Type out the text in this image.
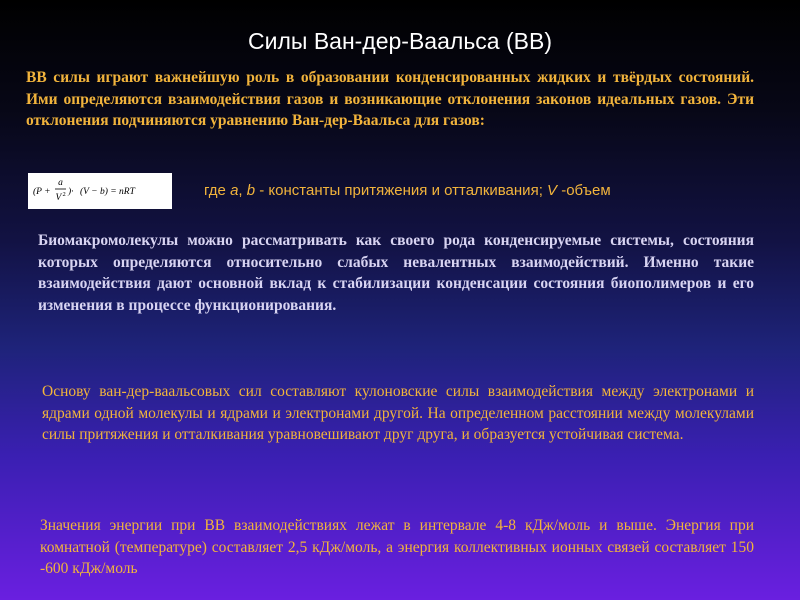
Силы Ван-дер-Ваальса (ВВ)
ВВ силы играют важнейшую роль в образовании конденсированных жидких и твёрдых состояний. Ими определяются взаимодействия газов и возникающие отклонения законов идеальных газов. Эти отклонения подчиняются уравнению Ван-дер-Ваальса для газов:
(P +
a
V 2 )· (V − b) = nRT	где a, b - константы притяжения и отталкивания; V -объем
Биомакромолекулы можно рассматривать как своего рода конденсируемые системы, состояния которых определяются относительно слабых невалентных взаимодействий. Именно такие взаимодействия дают основной вклад к стабилизации конденсации состояния биополимеров и его изменения в процессе функционирования.
Основу ван-дер-ваальсовых сил составляют кулоновские силы взаимодействия между электронами и ядрами одной молекулы и ядрами и электронами другой. На определенном расстоянии между молекулами силы притяжения и отталкивания уравновешивают друг друга, и образуется устойчивая система.
Значения энергии при ВВ взаимодействиях лежат в интервале 4-8 кДж/моль и выше. Энергия при комнатной (температуре) составляет 2,5 кДж/моль, а энергия коллективных ионных связей составляет 150 -600 кДж/моль
